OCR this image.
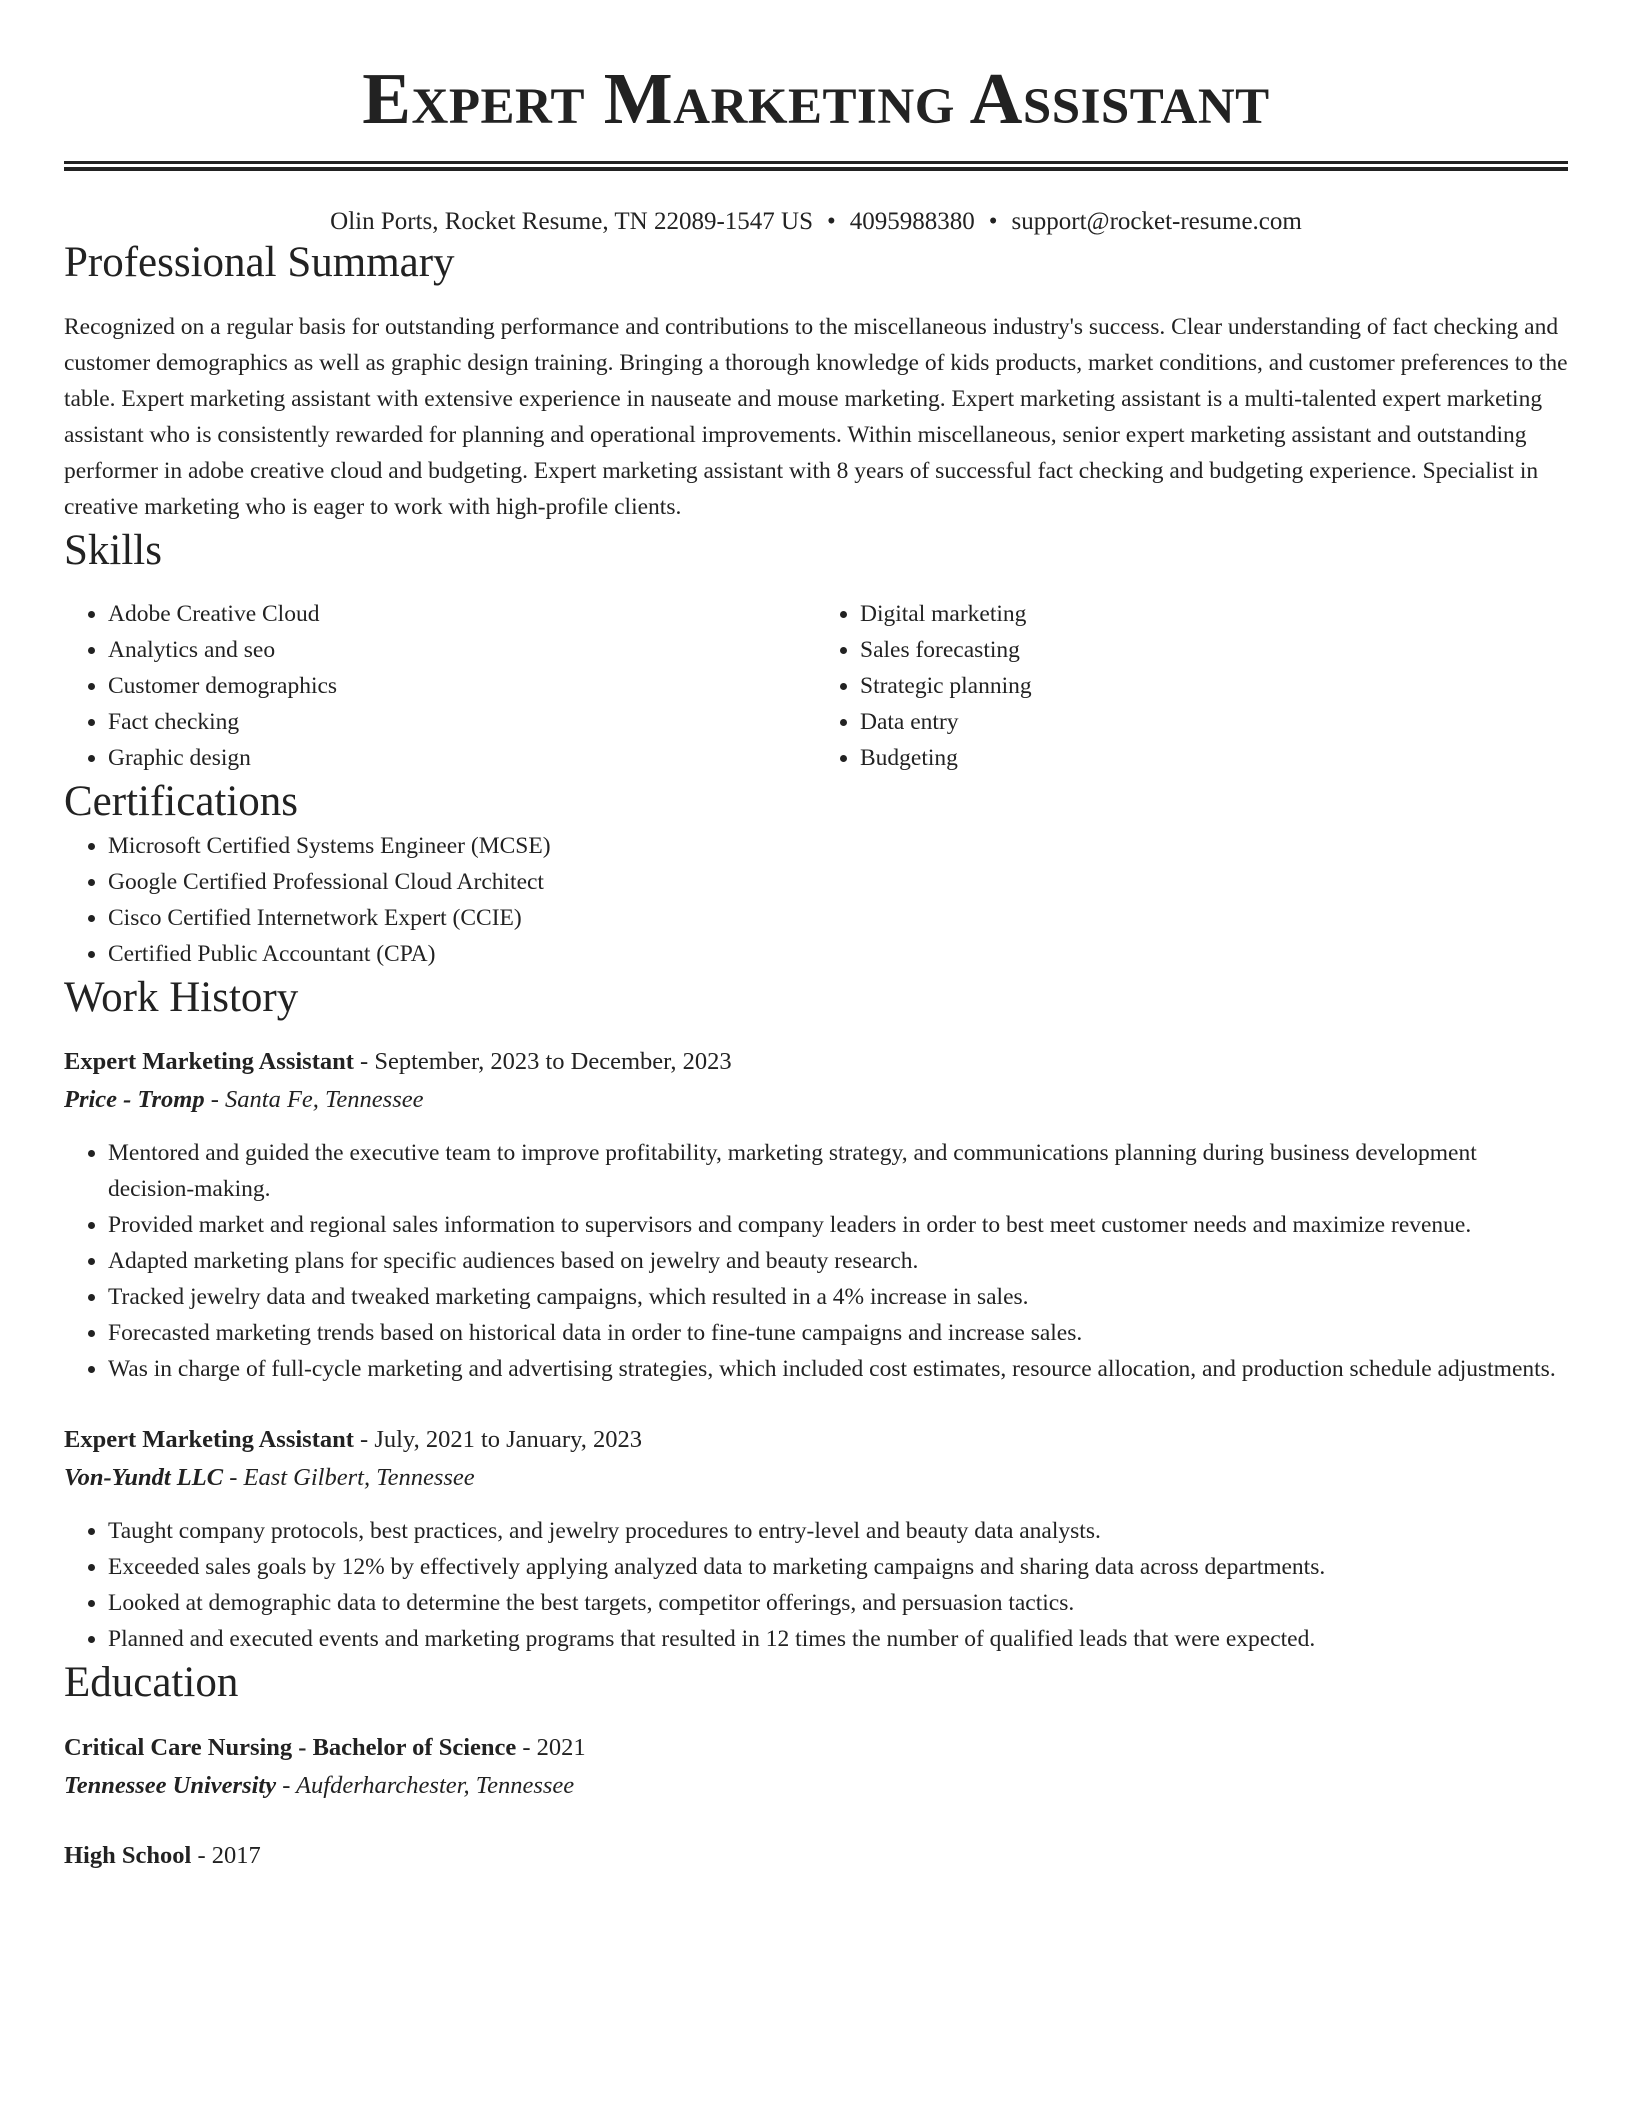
Expert Marketing Assistant
Olin Ports, Rocket Resume, TN 22089-1547 US • 4095988380 • support@rocket-resume.com
Professional Summary

Recognized on a regular basis for outstanding performance and contributions to the miscellaneous industry's success. Clear understanding of fact checking and customer demographics as well as graphic design training. Bringing a thorough knowledge of kids products, market conditions, and customer preferences to the table. Expert marketing assistant with extensive experience in nauseate and mouse marketing. Expert marketing assistant is a multi-talented expert marketing assistant who is consistently rewarded for planning and operational improvements. Within miscellaneous, senior expert marketing assistant and outstanding performer in adobe creative cloud and budgeting. Expert marketing assistant with 8 years of successful fact checking and budgeting experience. Specialist in creative marketing who is eager to work with high-profile clients.

Skills
• Adobe Creative Cloud
• Analytics and seo
• Customer demographics
• Fact checking
• Graphic design
• Digital marketing
• Sales forecasting
• Strategic planning
• Data entry
• Budgeting
Certifications
• Microsoft Certified Systems Engineer (MCSE)
• Google Certified Professional Cloud Architect
• Cisco Certified Internetwork Expert (CCIE)
• Certified Public Accountant (CPA)
Work History
Expert Marketing Assistant - September, 2023 to December, 2023
Price - Tromp - Santa Fe, Tennessee
• Mentored and guided the executive team to improve profitability, marketing strategy, and communications planning during business development decision-making.
• Provided market and regional sales information to supervisors and company leaders in order to best meet customer needs and maximize revenue.
• Adapted marketing plans for specific audiences based on jewelry and beauty research.
• Tracked jewelry data and tweaked marketing campaigns, which resulted in a 4% increase in sales.
• Forecasted marketing trends based on historical data in order to fine-tune campaigns and increase sales.
• Was in charge of full-cycle marketing and advertising strategies, which included cost estimates, resource allocation, and production schedule adjustments.
Expert Marketing Assistant - July, 2021 to January, 2023
Von-Yundt LLC - East Gilbert, Tennessee
• Taught company protocols, best practices, and jewelry procedures to entry-level and beauty data analysts.
• Exceeded sales goals by 12% by effectively applying analyzed data to marketing campaigns and sharing data across departments.
• Looked at demographic data to determine the best targets, competitor offerings, and persuasion tactics.
• Planned and executed events and marketing programs that resulted in 12 times the number of qualified leads that were expected.
Education
Critical Care Nursing - Bachelor of Science - 2021
Tennessee University - Aufderharchester, Tennessee
High School - 2017
